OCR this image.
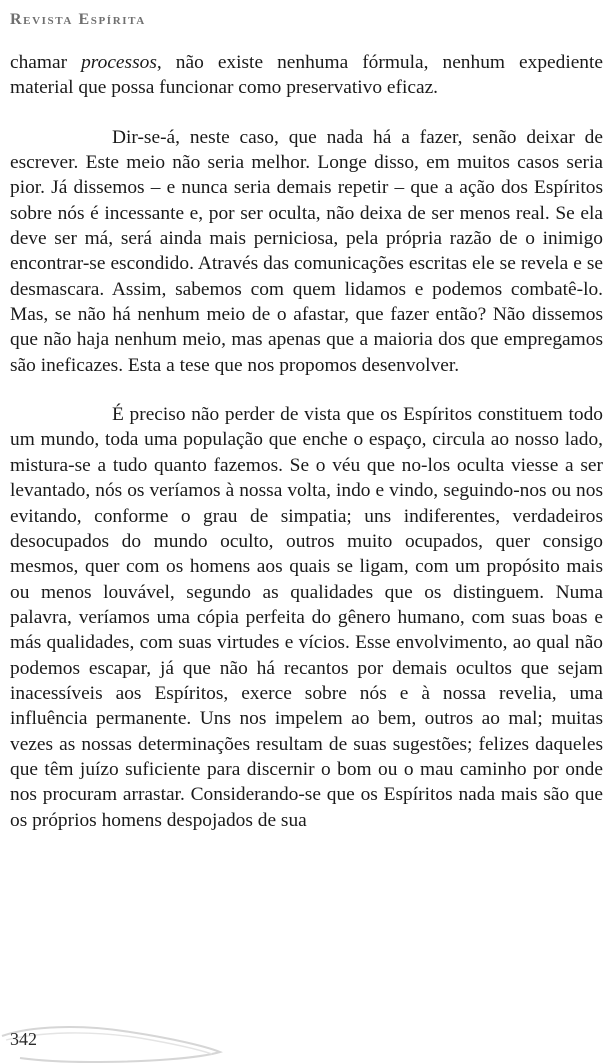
Revista Espírita

chamar processos, não existe nenhuma fórmula, nenhum expediente material que possa funcionar como preservativo eficaz.

Dir-se-á, neste caso, que nada há a fazer, senão deixar de escrever. Este meio não seria melhor. Longe disso, em muitos casos seria pior. Já dissemos – e nunca seria demais repetir – que a ação dos Espíritos sobre nós é incessante e, por ser oculta, não deixa de ser menos real. Se ela deve ser má, será ainda mais perniciosa, pela própria razão de o inimigo encontrar-se escondido. Através das comunicações escritas ele se revela e se desmascara. Assim, sabemos com quem lidamos e podemos combatê-lo. Mas, se não há nenhum meio de o afastar, que fazer então? Não dissemos que não haja nenhum meio, mas apenas que a maioria dos que empregamos são ineficazes. Esta a tese que nos propomos desenvolver.

É preciso não perder de vista que os Espíritos constituem todo um mundo, toda uma população que enche o espaço, circula ao nosso lado, mistura-se a tudo quanto fazemos. Se o véu que no-los oculta viesse a ser levantado, nós os veríamos à nossa volta, indo e vindo, seguindo-nos ou nos evitando, conforme o grau de simpatia; uns indiferentes, verdadeiros desocupados do mundo oculto, outros muito ocupados, quer consigo mesmos, quer com os homens aos quais se ligam, com um propósito mais ou menos louvável, segundo as qualidades que os distinguem. Numa palavra, veríamos uma cópia perfeita do gênero humano, com suas boas e más qualidades, com suas virtudes e vícios. Esse envolvimento, ao qual não podemos escapar, já que não há recantos por demais ocultos que sejam inacessíveis aos Espíritos, exerce sobre nós e à nossa revelia, uma influência permanente. Uns nos impelem ao bem, outros ao mal; muitas vezes as nossas determinações resultam de suas sugestões; felizes daqueles que têm juízo suficiente para discernir o bom ou o mau caminho por onde nos procuram arrastar. Considerando-se que os Espíritos nada mais são que os próprios homens despojados de sua

342
